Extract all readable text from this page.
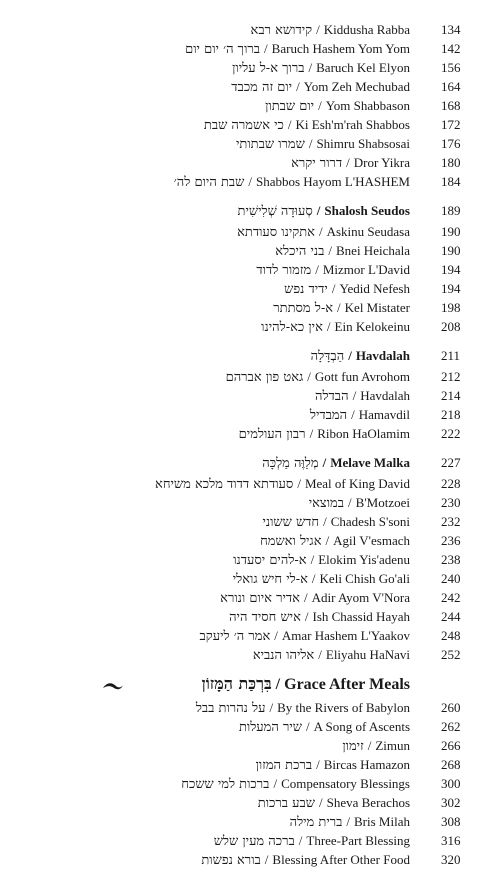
קידושא רבא / Kiddusha Rabba 134
ברוך ה׳ יום יום / Baruch Hashem Yom Yom 142
ברוך א-ל עליון / Baruch Kel Elyon 156
יום זה מכבד / Yom Zeh Mechubad 164
יום שבתון / Yom Shabbason 168
כי אשמרה שבת / Ki Esh'm'rah Shabbos 172
שמרו שבתותי / Shimru Shabsosai 176
דרור יקרא / Dror Yikra 180
שבת היום לה׳ / Shabbos Hayom L'HASHEM 184
סְעוּדָה שְׁלִישִׁית / Shalosh Seudos 189
אתקינו סעודתא / Askinu Seudasa 190
בני היכלא / Bnei Heichala 190
מזמור לדוד / Mizmor L'David 194
ידיד נפש / Yedid Nefesh 194
א-ל מסתתר / Kel Mistater 198
אין כא-להינו / Ein Kelokeinu 208
הַבְדָּלָה / Havdalah 211
גאט פון אברהם / Gott fun Avrohom 212
הבדלה / Havdalah 214
המבדיל / Hamavdil 218
רבון העולמים / Ribon HaOlamim 222
מְלַוֶּה מַלְכָּה / Melave Malka 227
סעודתא דדוד מלכא משיחא / Meal of King David 228
במוצאי / B'Motzoei 230
חדש ששוני / Chadesh S'soni 232
אגיל ואשמח / Agil V'esmach 236
א-להים יסעדנו / Elokim Yis'adenu 238
א-לי חיש גואלי / Keli Chish Go'ali 240
אדיר איום ונורא / Adir Ayom V'Nora 242
איש חסיד היה / Ish Chassid Hayah 244
אמר ה׳ ליעקב / Amar Hashem L'Yaakov 248
אליהו הנביא / Eliyahu HaNavi 252
בִּרְכַּת הַמָּזוֹן / Grace After Meals
על נהרות בבל / By the Rivers of Babylon 260
שיר המעלות / A Song of Ascents 262
זימון / Zimun 266
ברכת המזון / Bircas Hamazon 268
ברכות למי ששכח / Compensatory Blessings 300
שבע ברכות / Sheva Berachos 302
ברית מילה / Bris Milah 308
ברכה מעין שלש / Three-Part Blessing 316
בורא נפשות / Blessing After Other Food 320
